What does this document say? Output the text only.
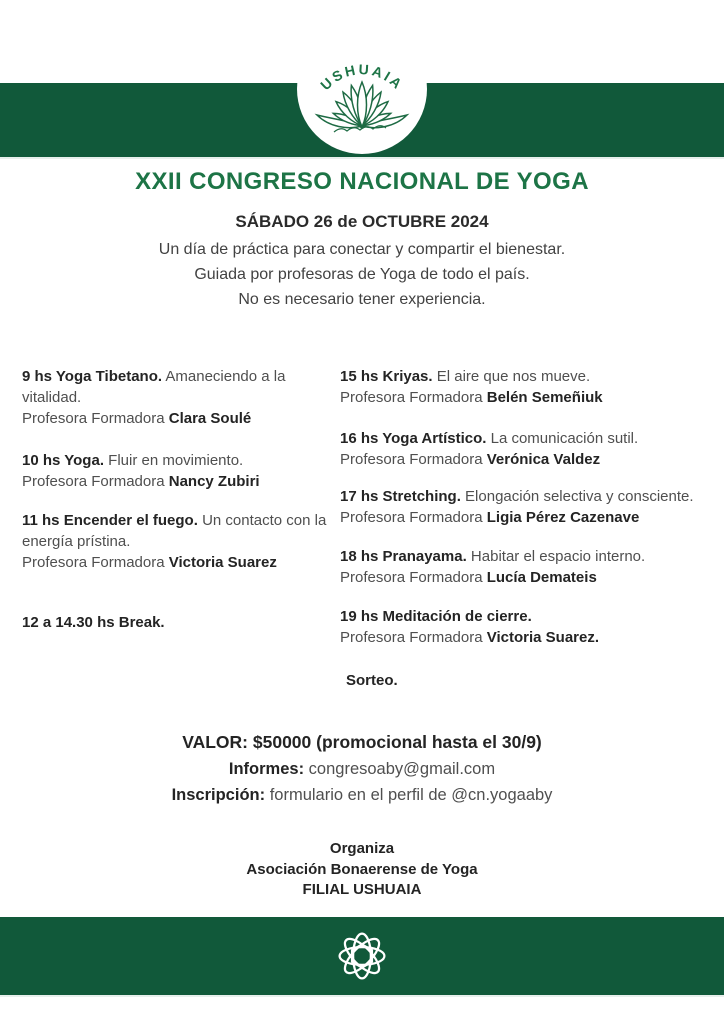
USHUAIA
XXII CONGRESO NACIONAL DE YOGA
SÁBADO 26 de OCTUBRE 2024
Un día de práctica para conectar y compartir el bienestar.
Guiada por profesoras de Yoga de todo el país.
No es necesario tener experiencia.
9 hs Yoga Tibetano. Amaneciendo a la vitalidad.
Profesora Formadora Clara Soulé
10 hs Yoga. Fluir en movimiento.
Profesora Formadora Nancy Zubiri
11 hs Encender el fuego. Un contacto con la energía prístina.
Profesora Formadora Victoria Suarez
12 a 14.30 hs Break.
15 hs Kriyas. El aire que nos mueve.
Profesora Formadora Belén Semeñiuk
16 hs Yoga Artístico. La comunicación sutil.
Profesora Formadora Verónica Valdez
17 hs Stretching. Elongación selectiva y consciente.
Profesora Formadora Ligia Pérez Cazenave
18 hs Pranayama. Habitar el espacio interno.
Profesora Formadora Lucía Demateis
19 hs Meditación de cierre.
Profesora Formadora Victoria Suarez.
Sorteo.
VALOR: $50000 (promocional hasta el 30/9)
Informes: congresoaby@gmail.com
Inscripción: formulario en el perfil de @cn.yogaaby
Organiza
Asociación Bonaerense de Yoga
FILIAL USHUAIA
